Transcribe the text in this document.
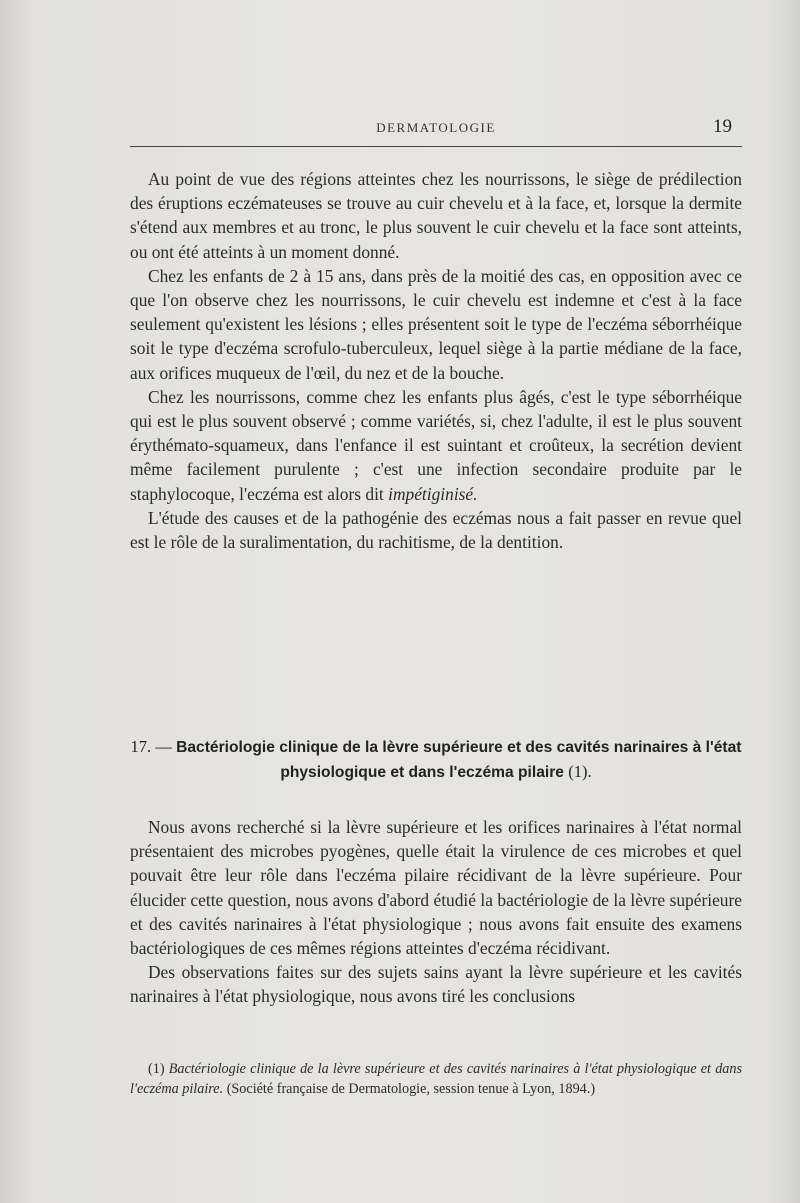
DERMATOLOGIE	19

Au point de vue des régions atteintes chez les nourrissons, le siège de prédilection des éruptions eczémateuses se trouve au cuir chevelu et à la face, et, lorsque la dermite s'étend aux membres et au tronc, le plus souvent le cuir chevelu et la face sont atteints, ou ont été atteints à un moment donné.

Chez les enfants de 2 à 15 ans, dans près de la moitié des cas, en opposition avec ce que l'on observe chez les nourrissons, le cuir chevelu est indemne et c'est à la face seulement qu'existent les lésions ; elles présentent soit le type de l'eczéma séborrhéique soit le type d'eczéma scrofulo-tuberculeux, lequel siège à la partie médiane de la face, aux orifices muqueux de l'œil, du nez et de la bouche.

Chez les nourrissons, comme chez les enfants plus âgés, c'est le type séborrhéique qui est le plus souvent observé ; comme variétés, si, chez l'adulte, il est le plus souvent érythémato-squameux, dans l'enfance il est suintant et croûteux, la secrétion devient même facilement purulente ; c'est une infection secondaire produite par le staphylocoque, l'eczéma est alors dit impétiginisé.

L'étude des causes et de la pathogénie des eczémas nous a fait passer en revue quel est le rôle de la suralimentation, du rachitisme, de la dentition.

17. — Bactériologie clinique de la lèvre supérieure et des cavités narinaires à l'état physiologique et dans l'eczéma pilaire (1).

Nous avons recherché si la lèvre supérieure et les orifices narinaires à l'état normal présentaient des microbes pyogènes, quelle était la virulence de ces microbes et quel pouvait être leur rôle dans l'eczéma pilaire récidivant de la lèvre supérieure. Pour élucider cette question, nous avons d'abord étudié la bactériologie de la lèvre supérieure et des cavités narinaires à l'état physiologique ; nous avons fait ensuite des examens bactériologiques de ces mêmes régions atteintes d'eczéma récidivant.

Des observations faites sur des sujets sains ayant la lèvre supérieure et les cavités narinaires à l'état physiologique, nous avons tiré les conclusions

(1) Bactériologie clinique de la lèvre supérieure et des cavités narinaires à l'état physiologique et dans l'eczéma pilaire. (Société française de Dermatologie, session tenue à Lyon, 1894.)
